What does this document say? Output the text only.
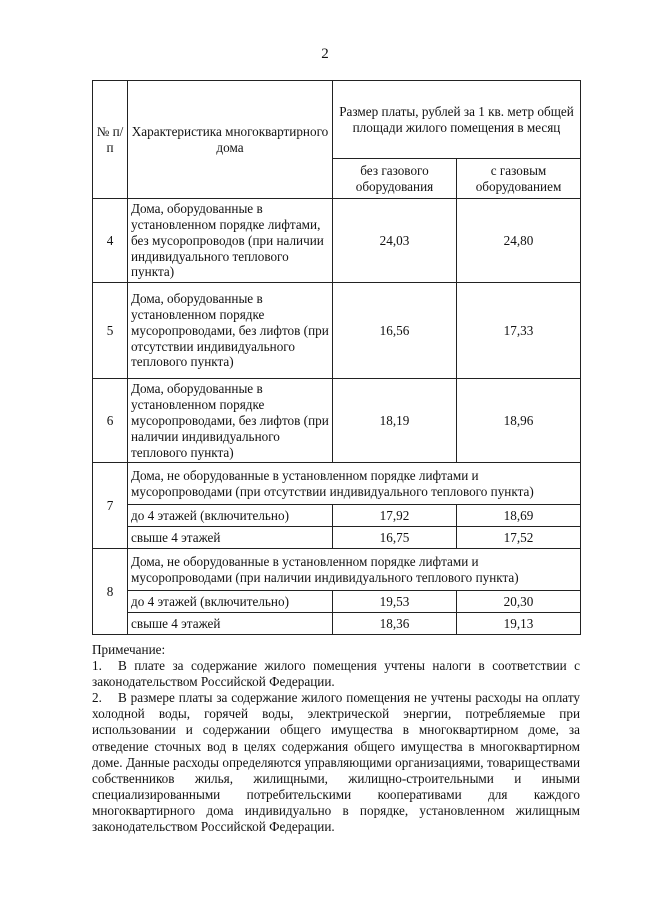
2
№ п/п	Характеристика многоквартирного дома	Размер платы, рублей за 1 кв. метр общей площади жилого помещения в месяц	
		без газового оборудования	с газовым оборудованием
4	Дома, оборудованные в установленном порядке лифтами, без мусоропроводов (при наличии индивидуального теплового пункта)	24,03	24,80
5	Дома, оборудованные в установленном порядке мусоропроводами, без лифтов (при отсутствии индивидуального теплового пункта)	16,56	17,33
6	Дома, оборудованные в установленном порядке мусоропроводами, без лифтов (при наличии индивидуального теплового пункта)	18,19	18,96
7	Дома, не оборудованные в установленном порядке лифтами и мусоропроводами (при отсутствии индивидуального теплового пункта)		
	до 4 этажей (включительно)	17,92	18,69
	свыше 4 этажей	16,75	17,52
8	Дома, не оборудованные в установленном порядке лифтами и мусоропроводами (при наличии индивидуального теплового пункта)		
	до 4 этажей (включительно)	19,53	20,30
	свыше 4 этажей	18,36	19,13

Примечание:

1. В плате за содержание жилого помещения учтены налоги в соответствии с законодательством Российской Федерации.

2. В размере платы за содержание жилого помещения не учтены расходы на оплату холодной воды, горячей воды, электрической энергии, потребляемые при использовании и содержании общего имущества в многоквартирном доме, за отведение сточных вод в целях содержания общего имущества в многоквартирном доме. Данные расходы определяются управляющими организациями, товариществами собственников жилья, жилищными, жилищно-строительными и иными специализированными потребительскими кооперативами для каждого многоквартирного дома индивидуально в порядке, установленном жилищным законодательством Российской Федерации.
